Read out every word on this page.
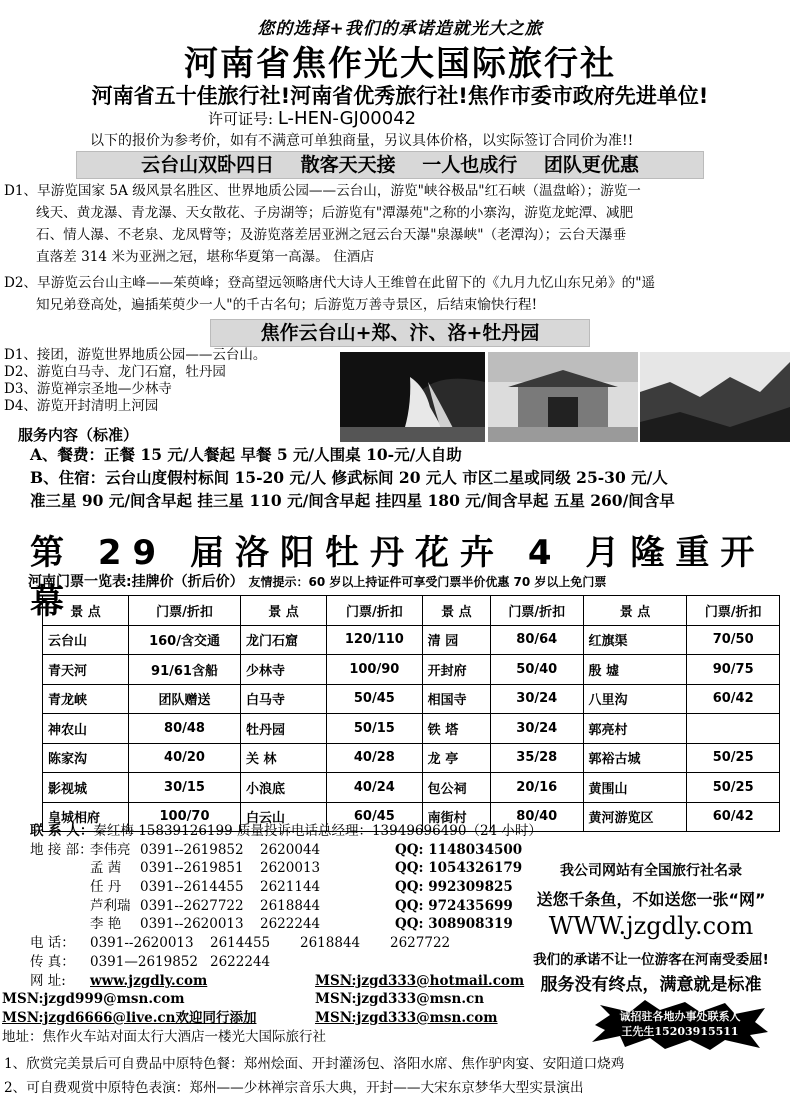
您的选择+我们的承诺造就光大之旅
河南省焦作光大国际旅行社
河南省五十佳旅行社!河南省优秀旅行社!焦作市委市政府先进单位!
许可证号: L-HEN-GJ00042
以下的报价为参考价，如有不满意可单独商量，另议具体价格，以实际签订合同价为准!!
云台山双卧四日 散客天天接 一人也成行 团队更优惠
D1、早游览国家 5A 级风景名胜区、世界地质公园——云台山，游览"峡谷极品"红石峡（温盘峪）；游览一
线天、黄龙瀑、青龙瀑、天女散花、子房湖等；后游览有"潭瀑苑"之称的小寨沟，游览龙蛇潭、减肥
石、情人瀑、不老泉、龙凤臂等；及游览落差居亚洲之冠云台天瀑"泉瀑峡"（老潭沟）；云台天瀑垂
直落差 314 米为亚洲之冠，堪称华夏第一高瀑。 住酒店
D2、早游览云台山主峰——茱萸峰；登高望远领略唐代大诗人王维曾在此留下的《九月九忆山东兄弟》的"遥
知兄弟登高处，遍插茱萸少一人"的千古名句；后游览万善寺景区，后结束愉快行程!
焦作云台山+郑、汴、洛+牡丹园
D1、接团，游览世界地质公园——云台山。
D2、游览白马寺、龙门石窟，牡丹园
D3、游览禅宗圣地—少林寺
D4、游览开封清明上河园
服务内容（标准）
A、餐费：正餐 15 元/人餐起 早餐 5 元/人围桌 10-元/人自助
B、住宿：云台山度假村标间 15-20 元/人 修武标间 20 元人 市区二星或同级 25-30 元/人
准三星 90 元/间含早起 挂三星 110 元/间含早起 挂四星 180 元/间含早起 五星 260/间含早
第 29 届洛阳牡丹花卉 4 月隆重开幕
河南门票一览表:挂牌价（折后价） 友情提示：60 岁以上持证件可享受门票半价优惠 70 岁以上免门票
景 点	门票/折扣	景 点	门票/折扣	景 点	门票/折扣	景 点	门票/折扣
云台山	160/含交通	龙门石窟	120/110	清 园	80/64	红旗渠	70/50
青天河	91/61含船	少林寺	100/90	开封府	50/40	殷 墟	90/75
青龙峡	团队赠送	白马寺	50/45	相国寺	30/24	八里沟	60/42
神农山	80/48	牡丹园	50/15	铁 塔	30/24	郭亮村	
陈家沟	40/20	关 林	40/28	龙 亭	35/28	郭裕古城	50/25
影视城	30/15	小浪底	40/24	包公祠	20/16	黄围山	50/25
皇城相府	100/70	白云山	60/45	南街村	80/40	黄河游览区	60/42
联 系 人：秦红梅 15839126199 质量投诉电话总经理：13949696490（24 小时）
地 接 部：
李伟亮 0391--2619852 2620044	QQ: 1148034500
孟 茜 0391--2619851 2620013	QQ: 1054326179
任 丹 0391--2614455 2621144	QQ: 992309825
芦利瑞 0391--2627722 2618844	QQ: 972435699
李 艳 0391--2620013 2622244	QQ: 308908319
电 话： 0391--2620013 2614455 2618844 2627722
传 真： 0391—2619852 2622244
网 址: www.jzgdly.com	MSN:jzgd333@hotmail.com
MSN:jzgd999@msn.com	MSN:jzgd333@msn.cn
MSN:jzgd6666@live.cn欢迎同行添加	MSN:jzgd333@msn.com
地址：焦作火车站对面太行大酒店一楼光大国际旅行社
1、欣赏完美景后可自费品中原特色餐：郑州烩面、开封灌汤包、洛阳水席、焦作驴肉宴、安阳道口烧鸡
2、可自费观赏中原特色表演：郑州——少林禅宗音乐大典，开封——大宋东京梦华大型实景演出
我公司网站有全国旅行社名录
送您千条鱼，不如送您一张“网”
WWW.jzgdly.com
我们的承诺不让一位游客在河南受委屈!
服务没有终点，满意就是标准
诚招驻各地办事处联系人
王先生15203915511
